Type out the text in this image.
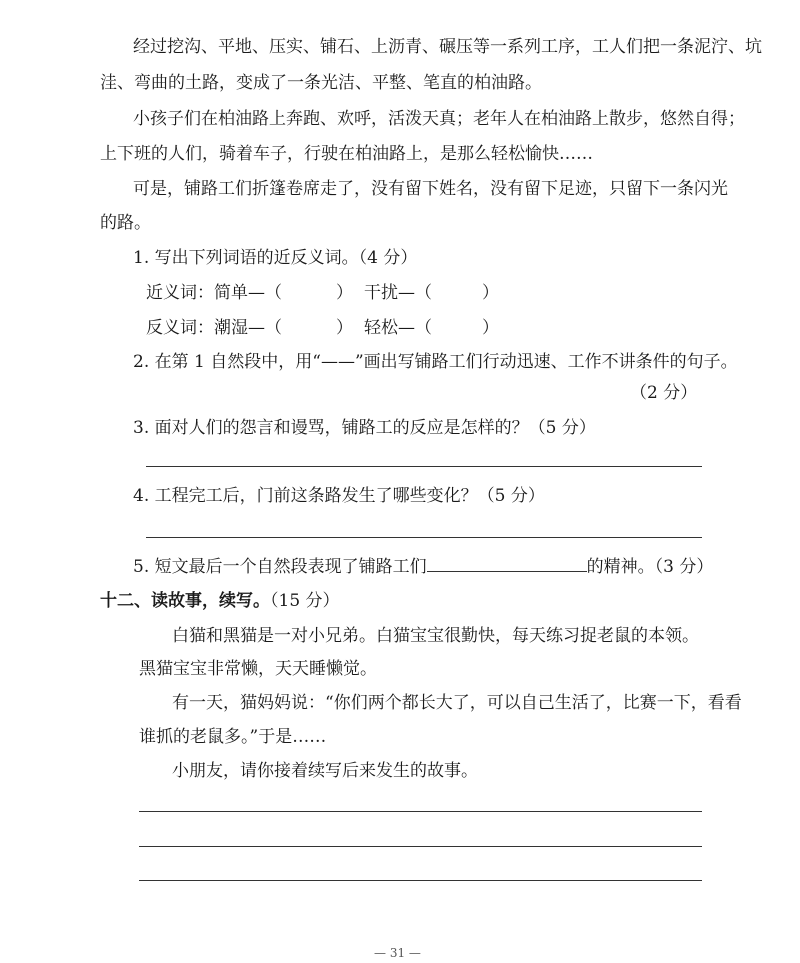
经过挖沟、平地、压实、铺石、上沥青、碾压等一系列工序，工人们把一条泥泞、坑
洼、弯曲的土路，变成了一条光洁、平整、笔直的柏油路。
小孩子们在柏油路上奔跑、欢呼，活泼天真；老年人在柏油路上散步，悠然自得；
上下班的人们，骑着车子，行驶在柏油路上，是那么轻松愉快……
可是，铺路工们折篷卷席走了，没有留下姓名，没有留下足迹，只留下一条闪光
的路。
1. 写出下列词语的近反义词。（4 分）
近义词：简单—（	） 干扰—（	）
反义词：潮湿—（	） 轻松—（	）
2. 在第 1 自然段中，用“——”画出写铺路工们行动迅速、工作不讲条件的句子。
（2 分）
3. 面对人们的怨言和谩骂，铺路工的反应是怎样的？（5 分）
4. 工程完工后，门前这条路发生了哪些变化？（5 分）
5. 短文最后一个自然段表现了铺路工们	的精神。（3 分）
十二、读故事，续写。（15 分）
白猫和黑猫是一对小兄弟。白猫宝宝很勤快，每天练习捉老鼠的本领。
黑猫宝宝非常懒，天天睡懒觉。
有一天，猫妈妈说：“你们两个都长大了，可以自己生活了，比赛一下，看看
谁抓的老鼠多。”于是……
小朋友，请你接着续写后来发生的故事。
— 31 —
